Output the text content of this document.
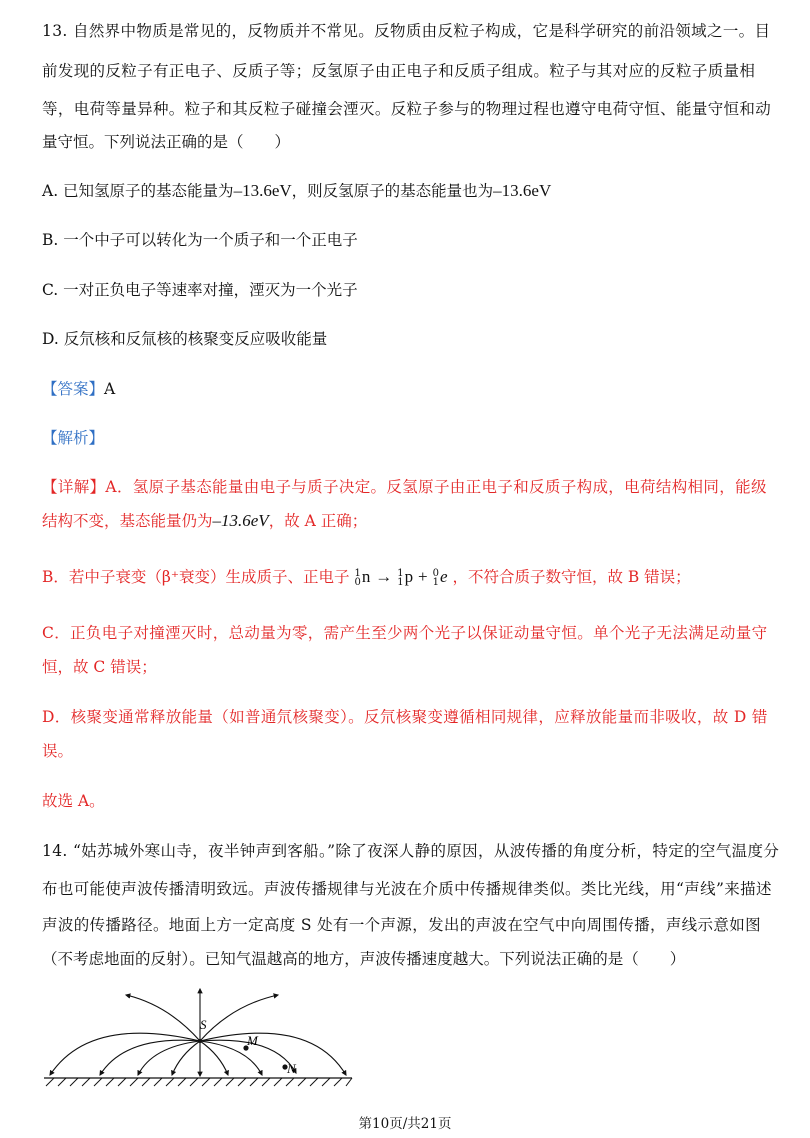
13. 自然界中物质是常见的，反物质并不常见。反物质由反粒子构成，它是科学研究的前沿领域之一。目
前发现的反粒子有正电子、反质子等；反氢原子由正电子和反质子组成。粒子与其对应的反粒子质量相
等，电荷等量异种。粒子和其反粒子碰撞会湮灭。反粒子参与的物理过程也遵守电荷守恒、能量守恒和动
量守恒。下列说法正确的是（　　）
A. 已知氢原子的基态能量为–13.6eV，则反氢原子的基态能量也为–13.6eV
B. 一个中子可以转化为一个质子和一个正电子
C. 一对正负电子等速率对撞，湮灭为一个光子
D. 反氘核和反氚核的核聚变反应吸收能量
【答案】A
【解析】
【详解】A．氢原子基态能量由电子与质子决定。反氢原子由正电子和反质子构成，电荷结构相同，能级
结构不变，基态能量仍为–13.6eV，故 A 正确；
B．若中子衰变（β⁺衰变）生成质子、正电子 1
0 n → 1
1 p + 0
1 e ，不符合质子数守恒，故 B 错误；
C．正负电子对撞湮灭时，总动量为零，需产生至少两个光子以保证动量守恒。单个光子无法满足动量守
恒，故 C 错误；
D．核聚变通常释放能量（如普通氘核聚变）。反氘核聚变遵循相同规律，应释放能量而非吸收，故 D 错
误。
故选 A。
14. “姑苏城外寒山寺，夜半钟声到客船。”除了夜深人静的原因，从波传播的角度分析，特定的空气温度分
布也可能使声波传播清明致远。声波传播规律与光波在介质中传播规律类似。类比光线，用“声线”来描述
声波的传播路径。地面上方一定高度 S 处有一个声源，发出的声波在空气中向周围传播，声线示意如图
（不考虑地面的反射）。已知气温越高的地方，声波传播速度越大。下列说法正确的是（　　）
S
M
N
第10页/共21页
